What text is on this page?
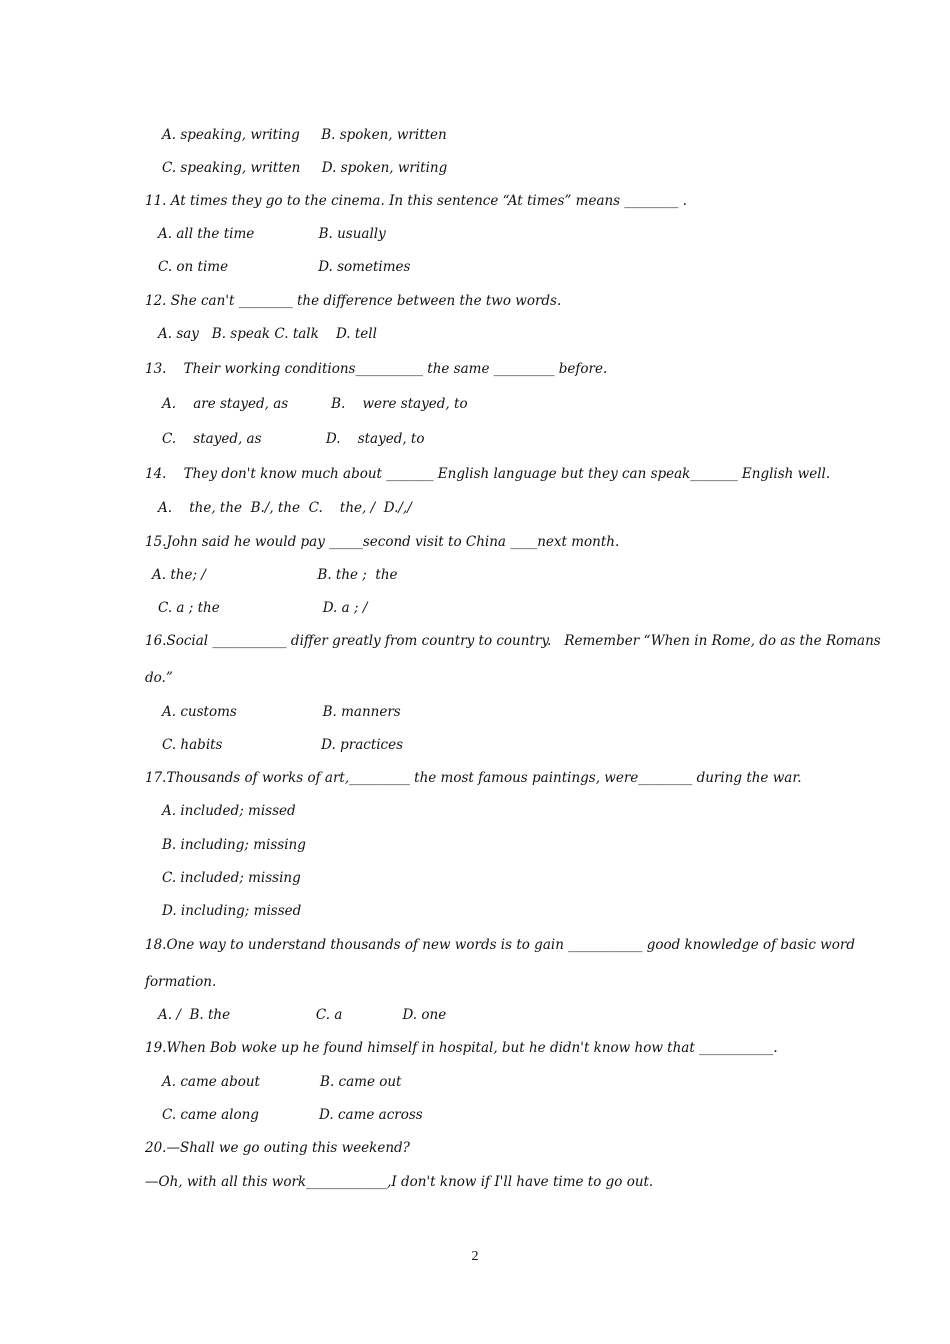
A. speaking, writing     B. spoken, written
C. speaking, written     D. spoken, writing
11. At times they go to the cinema. In this sentence “At times” means ________ .
A. all the time               B. usually
C. on time                     D. sometimes
12. She can't ________ the difference between the two words.
A. say   B. speak C. talk    D. tell
13.    Their working conditions__________ the same _________ before.
A.    are stayed, as          B.    were stayed, to
C.    stayed, as               D.    stayed, to
14.    They don't know much about _______ English language but they can speak_______ English well.
A.    the, the  B./, the  C.    the, /  D./,/
15.John said he would pay _____second visit to China ____next month.
A. the; /                          B. the ;  the
C. a ; the                        D. a ; /
16.Social ___________ differ greatly from country to country.   Remember “When in Rome, do as the Romans
do.”
A. customs                    B. manners
C. habits                       D. practices
17.Thousands of works of art,_________ the most famous paintings, were________ during the war.
A. included; missed
B. including; missing
C. included; missing
D. including; missed
18.One way to understand thousands of new words is to gain ___________ good knowledge of basic word
formation.
A. /  B. the                    C. a              D. one
19.When Bob woke up he found himself in hospital, but he didn't know how that ___________.
A. came about              B. came out
C. came along              D. came across
20.—Shall we go outing this weekend?
—Oh, with all this work____________,I don't know if I'll have time to go out.
2
